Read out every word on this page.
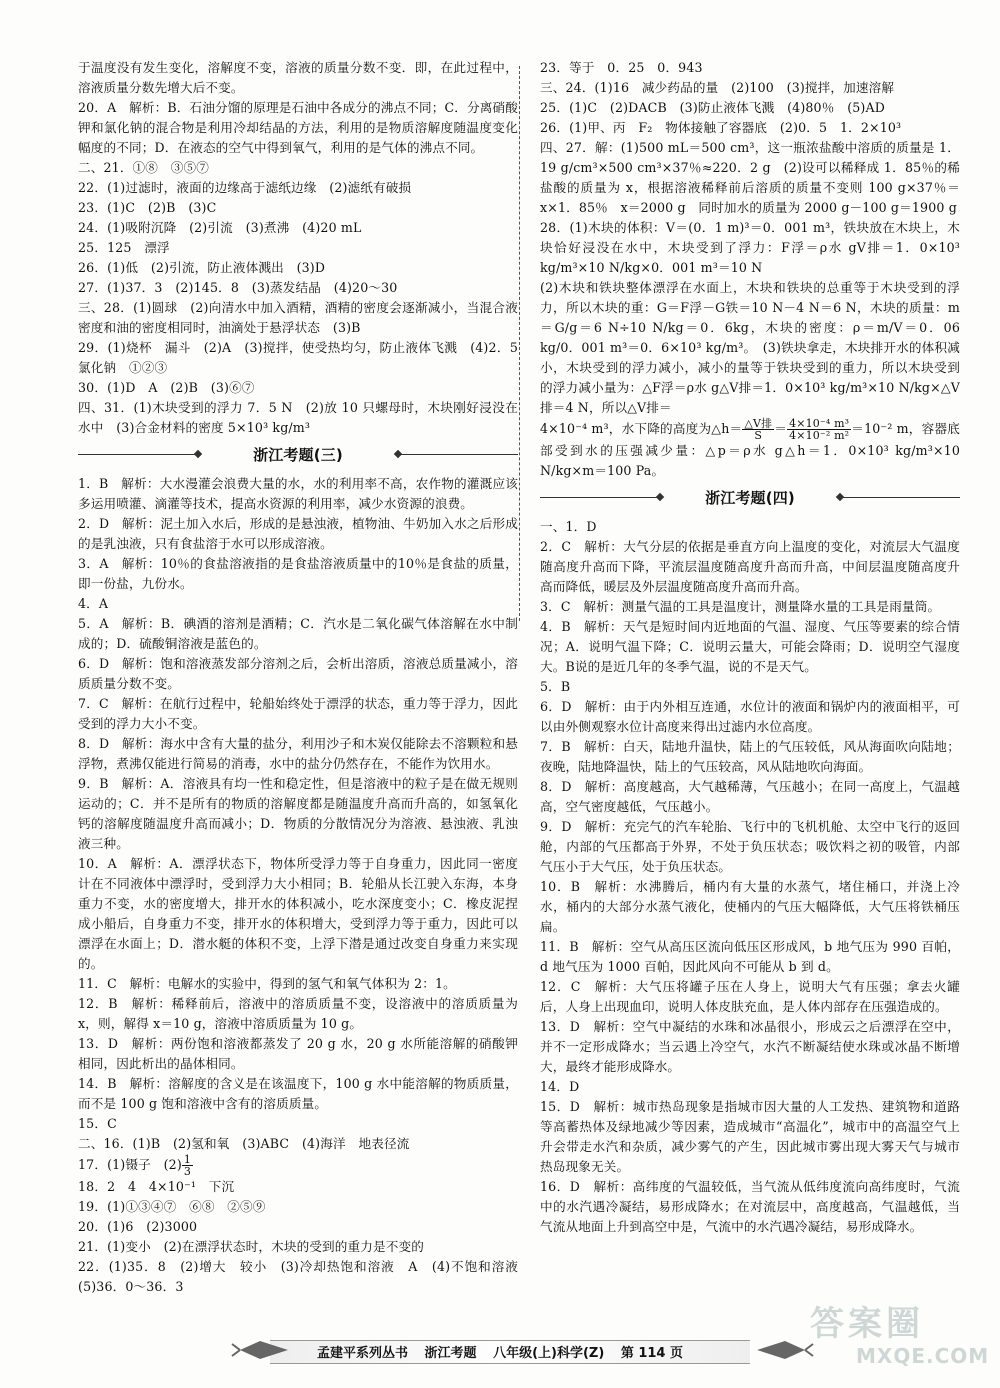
于温度没有发生变化，溶解度不变，溶液的质量分数不变．即，在此过程中，溶液质量分数先增大后不变。

20．A　解析：B．石油分馏的原理是石油中各成分的沸点不同；C．分离硝酸钾和氯化钠的混合物是利用冷却结晶的方法，利用的是物质溶解度随温度变化幅度的不同；D．在液态的空气中得到氧气，利用的是气体的沸点不同。

二、21．①⑧　③⑤⑦

22．(1)过滤时，液面的边缘高于滤纸边缘　(2)滤纸有破损

23．(1)C　(2)B　(3)C

24．(1)吸附沉降　(2)引流　(3)煮沸　(4)20 mL

25．125　漂浮

26．(1)低　(2)引流，防止液体溅出　(3)D

27．(1)37．3　(2)145．8　(3)蒸发结晶　(4)20～30

三、28．(1)圆球　(2)向清水中加入酒精，酒精的密度会逐渐减小，当混合液密度和油的密度相同时，油滴处于悬浮状态　(3)B

29．(1)烧杯　漏斗　(2)A　(3)搅拌，使受热均匀，防止液体飞溅　(4)2．5　氯化钠　①②③

30．(1)D　A　(2)B　(3)⑥⑦

四、31．(1)木块受到的浮力 7．5 N　(2)放 10 只螺母时，木块刚好浸没在水中　(3)合金材料的密度 5×10³ kg/m³

浙江考题(三)

1．B　解析：大水漫灌会浪费大量的水，水的利用率不高，农作物的灌溉应该多运用喷灌、滴灌等技术，提高水资源的利用率，减少水资源的浪费。

2．D　解析：泥土加入水后，形成的是悬浊液，植物油、牛奶加入水之后形成的是乳浊液，只有食盐溶于水可以形成溶液。

3．A　解析：10％的食盐溶液指的是食盐溶液质量中的10％是食盐的质量，即一份盐，九份水。

4．A

5．A　解析：B．碘酒的溶剂是酒精；C．汽水是二氧化碳气体溶解在水中制成的；D．硫酸铜溶液是蓝色的。

6．D　解析：饱和溶液蒸发部分溶剂之后，会析出溶质，溶液总质量减小，溶质质量分数不变。

7．C　解析：在航行过程中，轮船始终处于漂浮的状态，重力等于浮力，因此受到的浮力大小不变。

8．D　解析：海水中含有大量的盐分，利用沙子和木炭仅能除去不溶颗粒和悬浮物，煮沸仅能进行简易的消毒，水中的盐分仍然存在，不能作为饮用水。

9．B　解析：A．溶液具有均一性和稳定性，但是溶液中的粒子是在做无规则运动的；C．并不是所有的物质的溶解度都是随温度升高而升高的，如氢氧化钙的溶解度随温度升高而减小；D．物质的分散情况分为溶液、悬浊液、乳浊液三种。

10．A　解析：A．漂浮状态下，物体所受浮力等于自身重力，因此同一密度计在不同液体中漂浮时，受到浮力大小相同；B．轮船从长江驶入东海，本身重力不变，水的密度增大，排开水的体积减小，吃水深度变小；C．橡皮泥捏成小船后，自身重力不变，排开水的体积增大，受到浮力等于重力，因此可以漂浮在水面上；D．潜水艇的体积不变，上浮下潜是通过改变自身重力来实现的。

11．C　解析：电解水的实验中，得到的氢气和氧气体积为 2：1。

12．B　解析：稀释前后，溶液中的溶质质量不变，设溶液中的溶质质量为 x，则，解得 x＝10 g，溶液中溶质质量为 10 g。

13．D　解析：两份饱和溶液都蒸发了 20 g 水，20 g 水所能溶解的硝酸钾相同，因此析出的晶体相同。

14．B　解析：溶解度的含义是在该温度下，100 g 水中能溶解的物质质量，而不是 100 g 饱和溶液中含有的溶质质量。

15．C

二、16．(1)B　(2)氢和氧　(3)ABC　(4)海洋　地表径流

17．(1)镊子　$(2) \frac{1}{3}$

18．2　4　4×10⁻¹　下沉

19．(1)①③④⑦　⑥⑧　②⑤⑨

20．(1)6　(2)3000

21．(1)变小　(2)在漂浮状态时，木块的受到的重力是不变的

22．(1)35．8　(2)增大　较小　(3)冷却热饱和溶液　A　(4)不饱和溶液　(5)36．0～36．3

23．等于　0．25　0．943

三、24．(1)16　减少药品的量　(2)100　(3)搅拌，加速溶解

25．(1)C　(2)DACB　(3)防止液体飞溅　(4)80％　(5)AD

26．(1)甲、丙　F₂　物体接触了容器底　(2)0．5　1．2×10³

四、27．解：(1)500 mL＝500 cm³，这一瓶浓盐酸中溶质的质量是 1．19 g/cm³×500 cm³×37％≈220．2 g　(2)设可以稀释成 1．85％的稀盐酸的质量为 x，根据溶液稀释前后溶质的质量不变则 100 g×37％＝x×1．85％　x＝2000 g　同时加水的质量为 2000 g－100 g＝1900 g

28．(1)木块的体积：V＝(0．1 m)³＝0．001 m³，铁块放在木块上，木块恰好浸没在水中，木块受到了浮力：F浮＝ρ水 gV排＝1．0×10³ kg/m³×10 N/kg×0．001 m³＝10 N

(2)木块和铁块整体漂浮在水面上，木块和铁块的总重等于木块受到的浮力，所以木块的重：G＝F浮－G铁＝10 N－4 N＝6 N，木块的质量：m＝G/g＝6 N÷10 N/kg＝0．6kg，木块的密度：ρ＝m/V＝0．06 kg/0．001 m³＝0．6×10³ kg/m³。　(3)铁块拿走，木块排开水的体积减小，木块受到的浮力减小，减小的量等于铁块受到的重力，所以木块受到的浮力减小量为：△F浮＝ρ水 g△V排＝1．0×10³ kg/m³×10 N/kg×△V排＝4 N，所以△V排＝

4×10⁻⁴ m³，水下降的高度为△h＝ $\frac{\text{△V排}}{S} = \frac{\text{4×10⁻⁴ m³}}{\text{4×10⁻² m²}} =10^{-2}$ m，容器底部受到水的压强减少量：△p＝ρ水 g△h＝1．0×10³ kg/m³×10 N/kg×m＝100 Pa。

浙江考题(四)

一、1．D

2．C　解析：大气分层的依据是垂直方向上温度的变化，对流层大气温度随高度升高而下降，平流层温度随高度升高而升高，中间层温度随高度升高而降低，暖层及外层温度随高度升高而升高。

3．C　解析：测量气温的工具是温度计，测量降水量的工具是雨量筒。

4．B　解析：天气是短时间内近地面的气温、湿度、气压等要素的综合情况；A．说明气温下降；C．说明云量大，可能会降雨；D．说明空气湿度大。B说的是近几年的冬季气温，说的不是天气。

5．B

6．D　解析：由于内外相互连通，水位计的液面和锅炉内的液面相平，可以由外侧观察水位计高度来得出过滤内水位高度。

7．B　解析：白天，陆地升温快，陆上的气压较低，风从海面吹向陆地；夜晚，陆地降温快，陆上的气压较高，风从陆地吹向海面。

8．D　解析：高度越高，大气越稀薄，气压越小；在同一高度上，气温越高，空气密度越低，气压越小。

9．D　解析：充完气的汽车轮胎、飞行中的飞机机舱、太空中飞行的返回舱，内部的气压都高于外界，不处于负压状态；吸饮料之初的吸管，内部气压小于大气压，处于负压状态。

10．B　解析：水沸腾后，桶内有大量的水蒸气，堵住桶口，并浇上冷水，桶内的大部分水蒸气液化，使桶内的气压大幅降低，大气压将铁桶压扁。

11．B　解析：空气从高压区流向低压区形成风，b 地气压为 990 百帕，d 地气压为 1000 百帕，因此风向不可能从 b 到 d。

12．C　解析：大气压将罐子压在人身上，说明大气有压强；拿去火罐后，人身上出现血印，说明人体皮肤充血，是人体内部存在压强造成的。

13．D　解析：空气中凝结的水珠和冰晶很小，形成云之后漂浮在空中，并不一定形成降水；当云遇上冷空气，水汽不断凝结使水珠或冰晶不断增大，最终才能形成降水。

14．D

15．D　解析：城市热岛现象是指城市因大量的人工发热、建筑物和道路等高蓄热体及绿地减少等因素，造成城市“高温化”，城市中的高温空气上升会带走水汽和杂质，减少雾气的产生，因此城市雾出现大雾天气与城市热岛现象无关。

16．D　解析：高纬度的气温较低，当气流从低纬度流向高纬度时，气流中的水汽遇冷凝结，易形成降水；在对流层中，高度越高，气温越低，当气流从地面上升到高空中是，气流中的水汽遇冷凝结，易形成降水。

孟建平系列丛书 浙江考题 八年级(上)科学(Z) 第 114 页
答案圈
MXQE.COM
